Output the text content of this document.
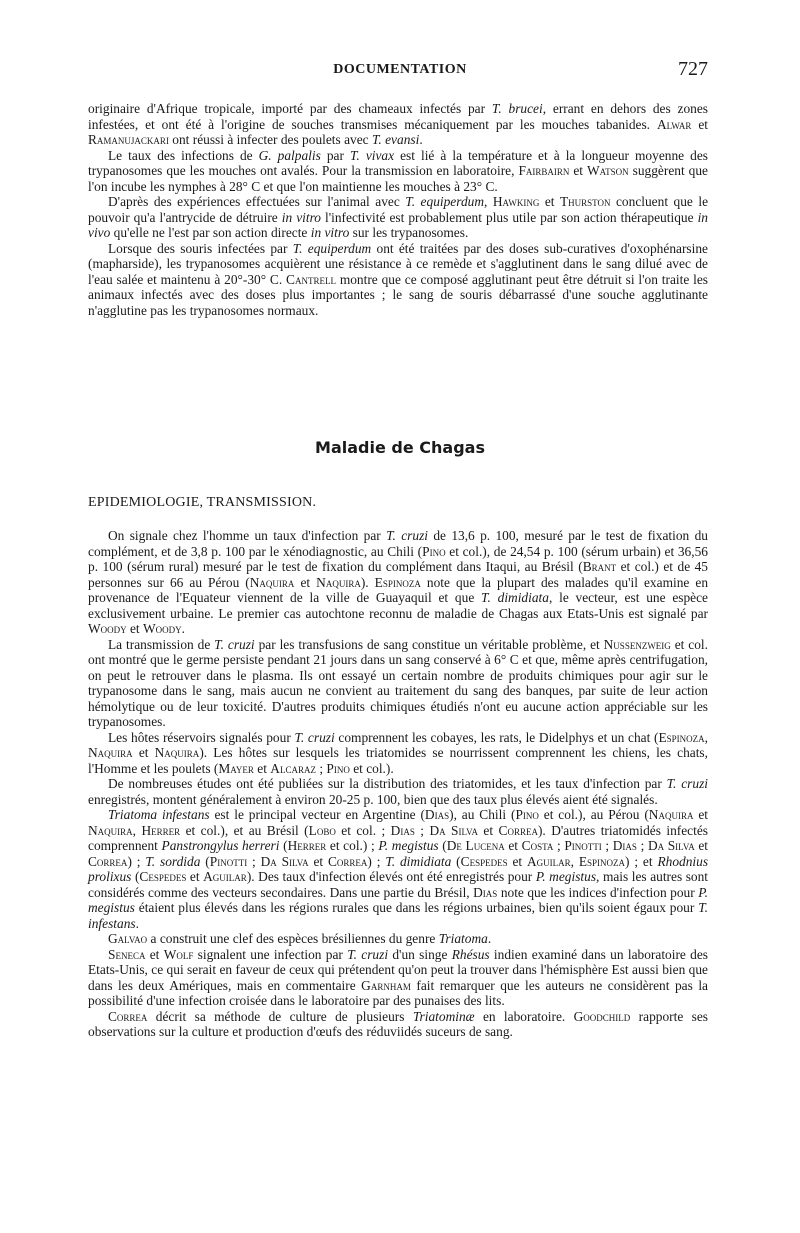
DOCUMENTATION	727

originaire d'Afrique tropicale, importé par des chameaux infectés par T. brucei, errant en dehors des zones infestées, et ont été à l'origine de souches transmises mécaniquement par les mouches tabanides. Alwar et Ramanujackari ont réussi à infecter des poulets avec T. evansi.

Le taux des infections de G. palpalis par T. vivax est lié à la température et à la longueur moyenne des trypanosomes que les mouches ont avalés. Pour la transmission en laboratoire, Fairbairn et Watson suggèrent que l'on incube les nymphes à 28° C et que l'on maintienne les mouches à 23° C.

D'après des expériences effectuées sur l'animal avec T. equiperdum, Hawking et Thurston concluent que le pouvoir qu'a l'antrycide de détruire in vitro l'infectivité est probablement plus utile par son action thérapeutique in vivo qu'elle ne l'est par son action directe in vitro sur les trypanosomes.

Lorsque des souris infectées par T. equiperdum ont été traitées par des doses sub-curatives d'oxophénarsine (mapharside), les trypanosomes acquièrent une résistance à ce remède et s'agglutinent dans le sang dilué avec de l'eau salée et maintenu à 20°-30° C. Cantrell montre que ce composé agglutinant peut être détruit si l'on traite les animaux infectés avec des doses plus importantes ; le sang de souris débarrassé d'une souche agglutinante n'agglutine pas les trypanosomes normaux.

Maladie de Chagas
EPIDEMIOLOGIE, TRANSMISSION.

On signale chez l'homme un taux d'infection par T. cruzi de 13,6 p. 100, mesuré par le test de fixation du complément, et de 3,8 p. 100 par le xénodiagnostic, au Chili (Pino et col.), de 24,54 p. 100 (sérum urbain) et 36,56 p. 100 (sérum rural) mesuré par le test de fixation du complément dans Itaqui, au Brésil (Brant et col.) et de 45 personnes sur 66 au Pérou (Naquira et Naquira). Espinoza note que la plupart des malades qu'il examine en provenance de l'Equateur viennent de la ville de Guayaquil et que T. dimidiata, le vecteur, est une espèce exclusivement urbaine. Le premier cas autochtone reconnu de maladie de Chagas aux Etats-Unis est signalé par Woody et Woody.

La transmission de T. cruzi par les transfusions de sang constitue un véritable problème, et Nussenzweig et col. ont montré que le germe persiste pendant 21 jours dans un sang conservé à 6° C et que, même après centrifugation, on peut le retrouver dans le plasma. Ils ont essayé un certain nombre de produits chimiques pour agir sur le trypanosome dans le sang, mais aucun ne convient au traitement du sang des banques, par suite de leur action hémolytique ou de leur toxicité. D'autres produits chimiques étudiés n'ont eu aucune action appréciable sur les trypanosomes.

Les hôtes réservoirs signalés pour T. cruzi comprennent les cobayes, les rats, le Didelphys et un chat (Espinoza, Naquira et Naquira). Les hôtes sur lesquels les triatomides se nourrissent comprennent les chiens, les chats, l'Homme et les poulets (Mayer et Alcaraz ; Pino et col.).

De nombreuses études ont été publiées sur la distribution des triatomides, et les taux d'infection par T. cruzi enregistrés, montent généralement à environ 20-25 p. 100, bien que des taux plus élevés aient été signalés.

Triatoma infestans est le principal vecteur en Argentine (Dias), au Chili (Pino et col.), au Pérou (Naquira et Naquira, Herrer et col.), et au Brésil (Lobo et col. ; Dias ; Da Silva et Correa). D'autres triatomidés infectés comprennent Panstrongylus herreri (Herrer et col.) ; P. megistus (De Lucena et Costa ; Pinotti ; Dias ; Da Silva et Correa) ; T. sordida (Pinotti ; Da Silva et Correa) ; T. dimidiata (Cespedes et Aguilar, Espinoza) ; et Rhodnius prolixus (Cespedes et Aguilar). Des taux d'infection élevés ont été enregistrés pour P. megistus, mais les autres sont considérés comme des vecteurs secondaires. Dans une partie du Brésil, Dias note que les indices d'infection pour P. megistus étaient plus élevés dans les régions rurales que dans les régions urbaines, bien qu'ils soient égaux pour T. infestans.

Galvao a construit une clef des espèces brésiliennes du genre Triatoma.

Seneca et Wolf signalent une infection par T. cruzi d'un singe Rhésus indien examiné dans un laboratoire des Etats-Unis, ce qui serait en faveur de ceux qui prétendent qu'on peut la trouver dans l'hémisphère Est aussi bien que dans les deux Amériques, mais en commentaire Garnham fait remarquer que les auteurs ne considèrent pas la possibilité d'une infection croisée dans le laboratoire par des punaises des lits.

Correa décrit sa méthode de culture de plusieurs Triatominæ en laboratoire. Goodchild rapporte ses observations sur la culture et production d'œufs des réduviidés suceurs de sang.
